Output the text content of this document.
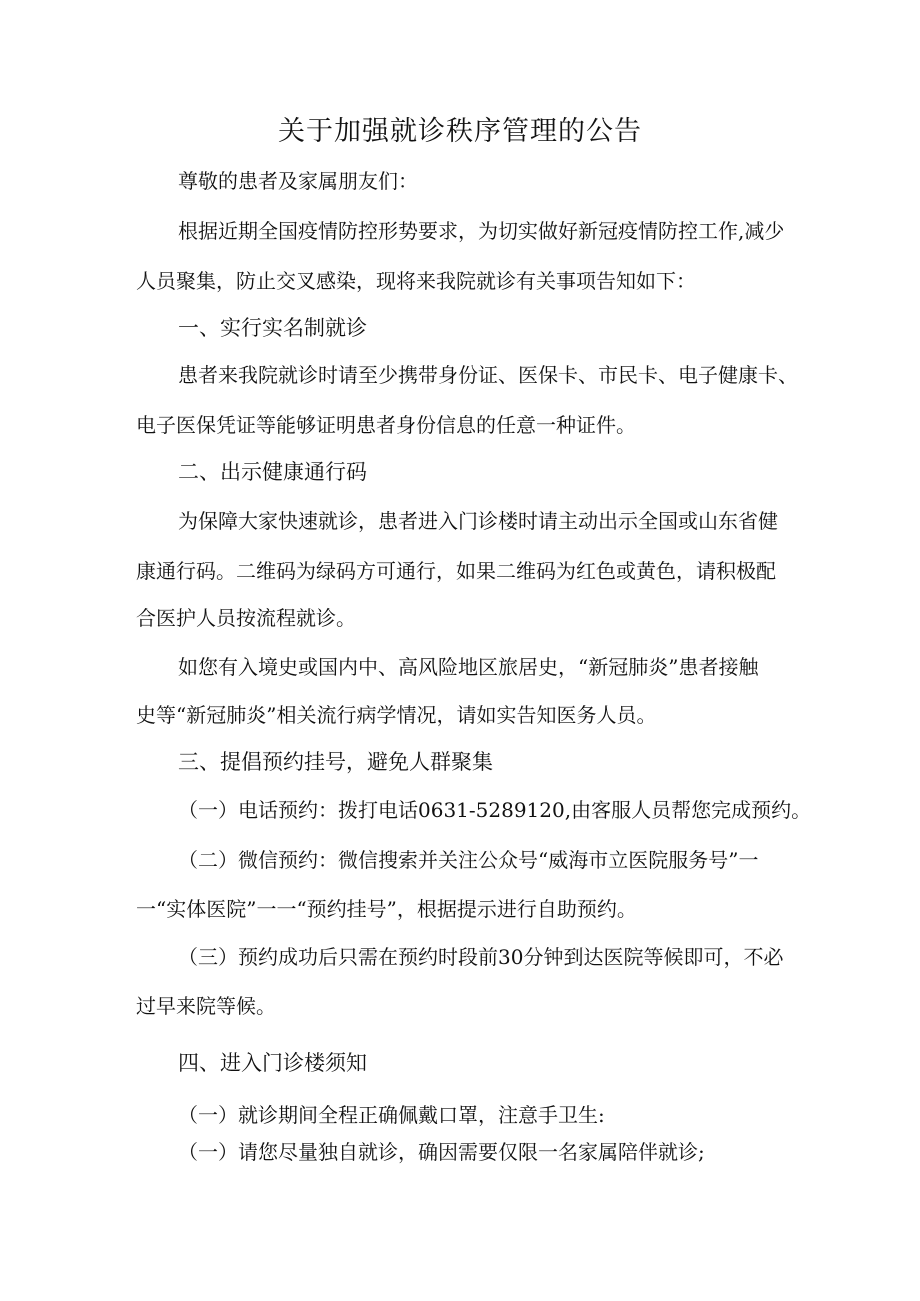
关于加强就诊秩序管理的公告
尊敬的患者及家属朋友们：
根据近期全国疫情防控形势要求，为切实做好新冠疫情防控工作,减少
人员聚集，防止交叉感染，现将来我院就诊有关事项告知如下：
一、实行实名制就诊
患者来我院就诊时请至少携带身份证、医保卡、市民卡、电子健康卡、
电子医保凭证等能够证明患者身份信息的任意一种证件。
二、出示健康通行码
为保障大家快速就诊，患者进入门诊楼时请主动出示全国或山东省健
康通行码。二维码为绿码方可通行，如果二维码为红色或黄色，请积极配
合医护人员按流程就诊。
如您有入境史或国内中、高风险地区旅居史，“新冠肺炎”患者接触
史等“新冠肺炎”相关流行病学情况，请如实告知医务人员。
三、提倡预约挂号，避免人群聚集
（一）电话预约：拨打电话0631-5289120,由客服人员帮您完成预约。
（二）微信预约：微信搜索并关注公众号“威海市立医院服务号”一
一“实体医院”一一“预约挂号”，根据提示进行自助预约。
（三）预约成功后只需在预约时段前30分钟到达医院等候即可，不必
过早来院等候。
四、进入门诊楼须知
（一）就诊期间全程正确佩戴口罩，注意手卫生:
（一）请您尽量独自就诊，确因需要仅限一名家属陪伴就诊;
